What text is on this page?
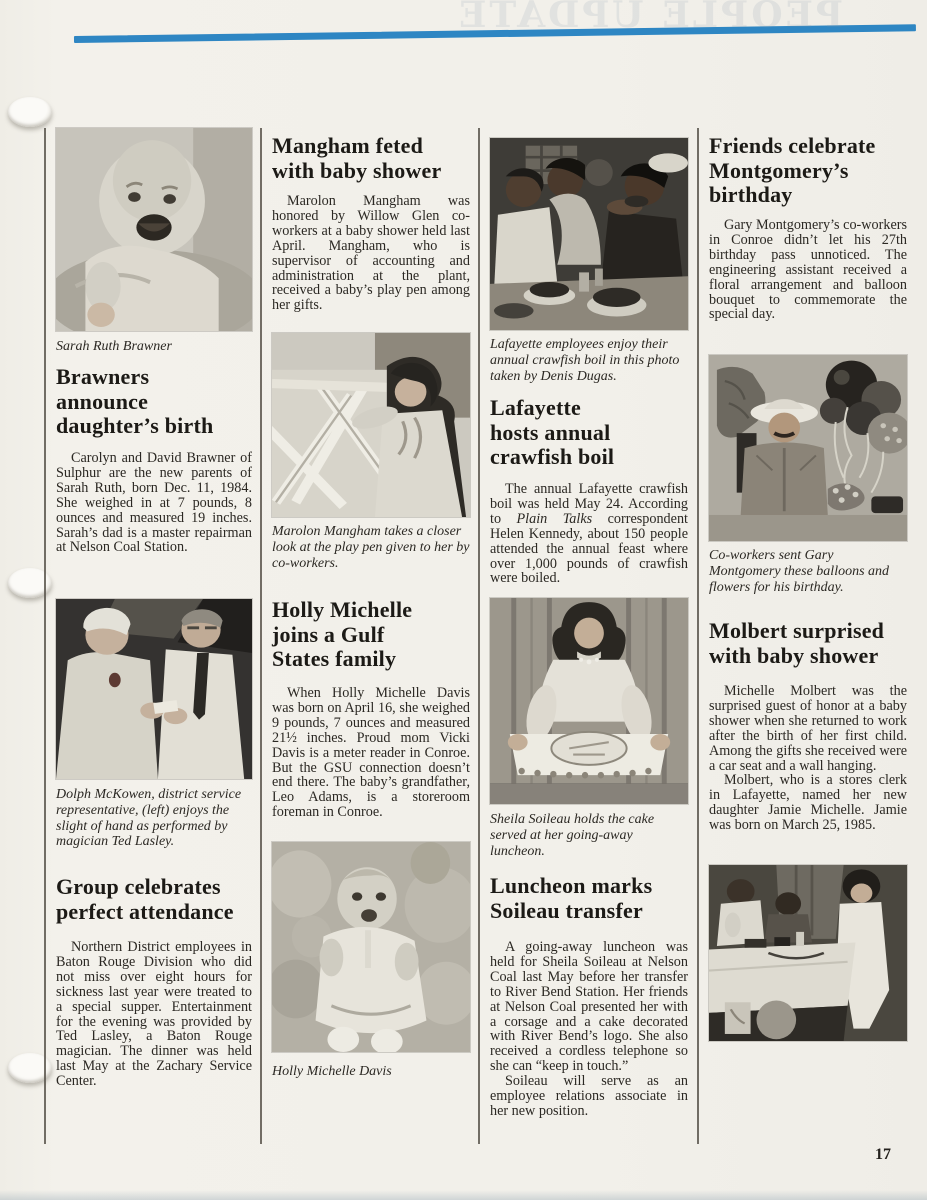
PEOPLE UPDATE
Sarah Ruth Brawner
Brawners
announce
daughter’s birth

Carolyn and David Brawner of Sulphur are the new parents of Sarah Ruth, born Dec. 11, 1984. She weighed in at 7 pounds, 8 ounces and measured 19 inches. Sarah’s dad is a master repairman at Nelson Coal Station.

Dolph McKowen, district service representative, (left) enjoys the slight of hand as performed by magician Ted Lasley.
Group celebrates
perfect attendance

Northern District employees in Baton Rouge Division who did not miss over eight hours for sickness last year were treated to a special supper. Entertainment for the evening was provided by Ted Lasley, a Baton Rouge magician. The dinner was held last May at the Zachary Service Center.

Mangham feted
with baby shower

Marolon Mangham was honored by Willow Glen co-workers at a baby shower held last April. Mangham, who is supervisor of accounting and administration at the plant, received a baby’s play pen among her gifts.

Marolon Mangham takes a closer look at the play pen given to her by co-workers.
Holly Michelle
joins a Gulf
States family

When Holly Michelle Davis was born on April 16, she weighed 9 pounds, 7 ounces and measured 21½ inches. Proud mom Vicki Davis is a meter reader in Conroe. But the GSU connection doesn’t end there. The baby’s grandfather, Leo Adams, is a storeroom foreman in Conroe.

Holly Michelle Davis
Lafayette employees enjoy their annual crawfish boil in this photo taken by Denis Dugas.
Lafayette
hosts annual
crawfish boil

The annual Lafayette crawfish boil was held May 24. According to Plain Talks correspondent Helen Kennedy, about 150 people attended the annual feast where over 1,000 pounds of crawfish were boiled.

Sheila Soileau holds the cake served at her going-away luncheon.
Luncheon marks
Soileau transfer

A going-away luncheon was held for Sheila Soileau at Nelson Coal last May before her transfer to River Bend Station. Her friends at Nelson Coal presented her with a corsage and a cake decorated with River Bend’s logo. She also received a cordless telephone so she can “keep in touch.”

Soileau will serve as an employee relations associate in her new position.

Friends celebrate
Montgomery’s
birthday

Gary Montgomery’s co-workers in Conroe didn’t let his 27th birthday pass unnoticed. The engineering assistant received a floral arrangement and balloon bouquet to commemorate the special day.

Co-workers sent Gary Montgomery these balloons and flowers for his birthday.
Molbert surprised
with baby shower

Michelle Molbert was the surprised guest of honor at a baby shower when she returned to work after the birth of her first child. Among the gifts she received were a car seat and a wall hanging.

Molbert, who is a stores clerk in Lafayette, named her new daughter Jamie Michelle. Jamie was born on March 25, 1985.

17
